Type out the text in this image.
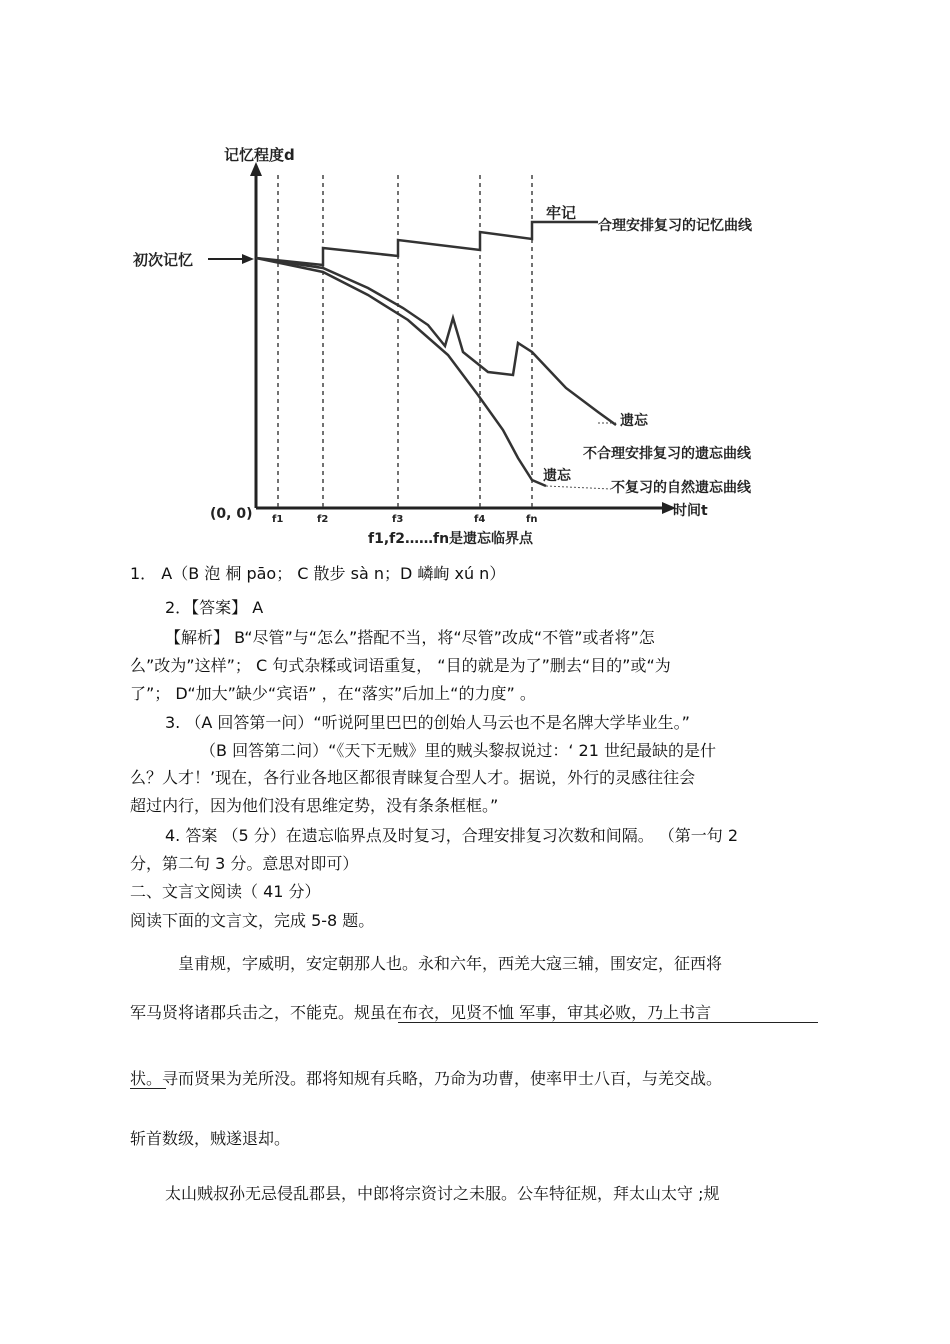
记忆程度d
时间t
(0, 0) f1	f2	f3	f4	fn
初次记忆
牢记
合理安排复习的记忆曲线
遗忘
不合理安排复习的遗忘曲线
遗忘
不复习的自然遗忘曲线
f1,f2……fn是遗忘临界点
1． A（B 泡 桐 pāo； C 散步 sà n；D 嶙峋 xú n）
2．【答案】 A
【解析】 B“尽管”与“怎么”搭配不当，将“尽管”改成“不管”或者将”怎
么”改为”这样”； C 句式杂糅或词语重复， “目的就是为了”删去“目的”或“为
了”； D“加大”缺少“宾语” ，在“落实”后加上“的力度” 。
3. （A 回答第一问）“听说阿里巴巴的创始人马云也不是名牌大学毕业生。”
（B 回答第二问）“《天下无贼》里的贼头黎叔说过：‘ 21 世纪最缺的是什
么？人才！’现在，各行业各地区都很青睐复合型人才。据说，外行的灵感往往会
超过内行，因为他们没有思维定势，没有条条框框。”
4. 答案 （5 分）在遗忘临界点及时复习，合理安排复习次数和间隔。 （第一句 2
分，第二句 3 分。意思对即可）
二、文言文阅读（ 41 分）
阅读下面的文言文，完成 5-8 题。
皇甫规，字威明，安定朝那人也。永和六年，西羌大寇三辅，围安定，征西将
军马贤将诸郡兵击之，不能克。规虽在布衣，见贤不恤 军事，审其必败，乃上书言
状。寻而贤果为羌所没。郡将知规有兵略，乃命为功曹，使率甲士八百，与羌交战。
斩首数级，贼遂退却。
太山贼叔孙无忌侵乱郡县，中郎将宗资讨之未服。公车特征规，拜太山太守 ;规
